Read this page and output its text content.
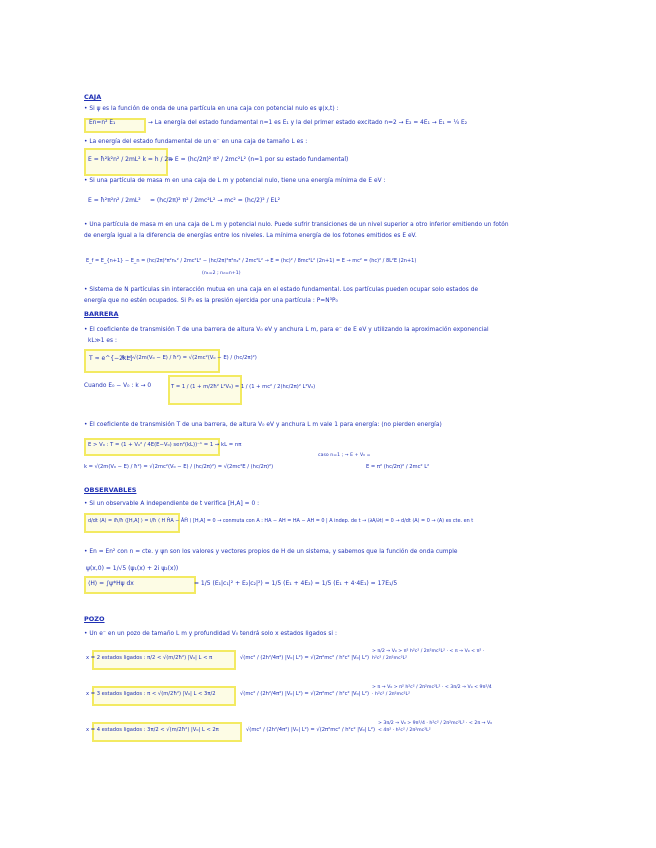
CAJA
• Si ψ es la función de onda de una partícula en una caja con potencial nulo es ψ(x,t) :
En=n² E₁	→ La energía del estado fundamental n=1 es E₁ y la del primer estado excitado n=2 → E₂ = 4E₁ → E₁ = ¼ E₂
• La energía del estado fundamental de un e⁻ en una caja de tamaño L es :
E = ħ²k²n² / 2mL² k = h / 2π
→ E = (hc/2π)² π² / 2mc²L² (n=1 por su estado fundamental)
• Si una partícula de masa m en una caja de L m y potencial nulo, tiene una energía mínima de E eV :
E = ħ²π²n² / 2mL² = (hc/2π)² π² / 2mc²L² → mc² = (hc/2)² / EL²
• Una partícula de masa m en una caja de L m y potencial nulo. Puede sufrir transiciones de un nivel superior a otro inferior emitiendo un fotón
de energía igual a la diferencia de energías entre los niveles. La mínima energía de los fotones emitidos es E eV.
E_f = E_{n+1} − E_n = (hc/2π)²π²n₁² / 2mc²L² − (hc/2π)²π²n₂² / 2mc²L² → E = (hc)² / 8mc²L² (2n+1) = E → mc² = (hc)² / 8L²E (2n+1)
(n₁=2 ; n₂=n+1)
• Sistema de N partículas sin interacción mutua en una caja en el estado fundamental. Los partículas pueden ocupar solo estados de
energía que no estén ocupados. Si P₀ es la presión ejercida por una partícula : P=N³P₀
BARRERA
• El coeficiente de transmisión T de una barrera de altura V₀ eV y anchura L m, para e⁻ de E eV y utilizando la aproximación exponencial
kL≫1 es :
T ≈ e^{−2kL}
k = √(2m(V₀ − E) / ħ²) = √(2mc²(V₀ − E) / (hc/2π)²)
Cuando E₀ − V₀ : k → 0	T = 1 / (1 + m/2ħ² L²V₀) = 1 / (1 + mc² / 2(hc/2π)² L²V₀)
• El coeficiente de transmisión T de una barrera, de altura V₀ eV y anchura L m vale 1 para energía: (no pierden energía)
E > V₀ : T = (1 + V₀² / 4E(E−V₀) sen²(kL))⁻¹ = 1 → kL = nπ
caso n=1 ; → E + V₀ =
k = √(2m(V₀ − E) / ħ²) = √(2mc²(V₀ − E) / (hc/2π)²) = √(2mc²E / (hc/2π)²)	E = π² (hc/2π)² / 2mc² L²
OBSERVABLES
• Si un observable A independiente de t verifica [H,A] = 0 :
d/dt ⟨A⟩ = iħ/ħ ⟨[H,A] ⟩ = i/ħ ⟨ H ĤA − ÂĤ ⟩ [H,A] = 0 → conmuta con A : HA − AH = HA − AH = 0 | A indep. de t → ⟨∂A/∂t⟩ = 0 → d/dt ⟨A⟩ = 0 → ⟨A⟩ es cte. en t
• En = En² con n = cte. y ψn son los valores y vectores propios de H de un sistema, y sabemos que la función de onda cumple
ψ(x,0) = 1/√5 (ψ₁(x) + 2i ψ₂(x))
⟨H⟩ = ∫ψ*Hψ dx	= 1/5 (E₁|c₁|² + E₂|c₂|²) = 1/5 (E₁ + 4E₂) = 1/5 (E₁ + 4·4E₁) = 17E₁/5
POZO
• Un e⁻ en un pozo de tamaño L m y profundidad V₀ tendrá solo x estados ligados si :
x = 2 estados ligados : π/2 < √(m/2ħ²) |V₀| L < π	√(mc² / (2h²/4π²) |V₀| L²) = √(2π²mc² / h²c² |V₀| L²)
> π/2 → V₀ > π² h²c² / 2π²mc²L² · < π → V₀ < π² · h²c² / 2π²mc²L²
x = 3 estados ligados : π < √(m/2ħ²) |V₀| L < 3π/2	√(mc² / (2h²/4π²) |V₀| L²) = √(2π²mc² / h²c² |V₀| L²)
> π → V₀ > π² h²c² / 2π²mc²L² · < 3π/2 → V₀ < 9π²/4 · h²c² / 2π²mc²L²
x = 4 estados ligados : 3π/2 < √(m/2ħ²) |V₀| L < 2π	√(mc² / (2h²/4π²) |V₀| L²) = √(2π²mc² / h²c² |V₀| L²)
> 3π/2 → V₀ > 9π²/4 · h²c² / 2π²mc²L² · < 2π → V₀ < 4π² · h²c² / 2π²mc²L²
